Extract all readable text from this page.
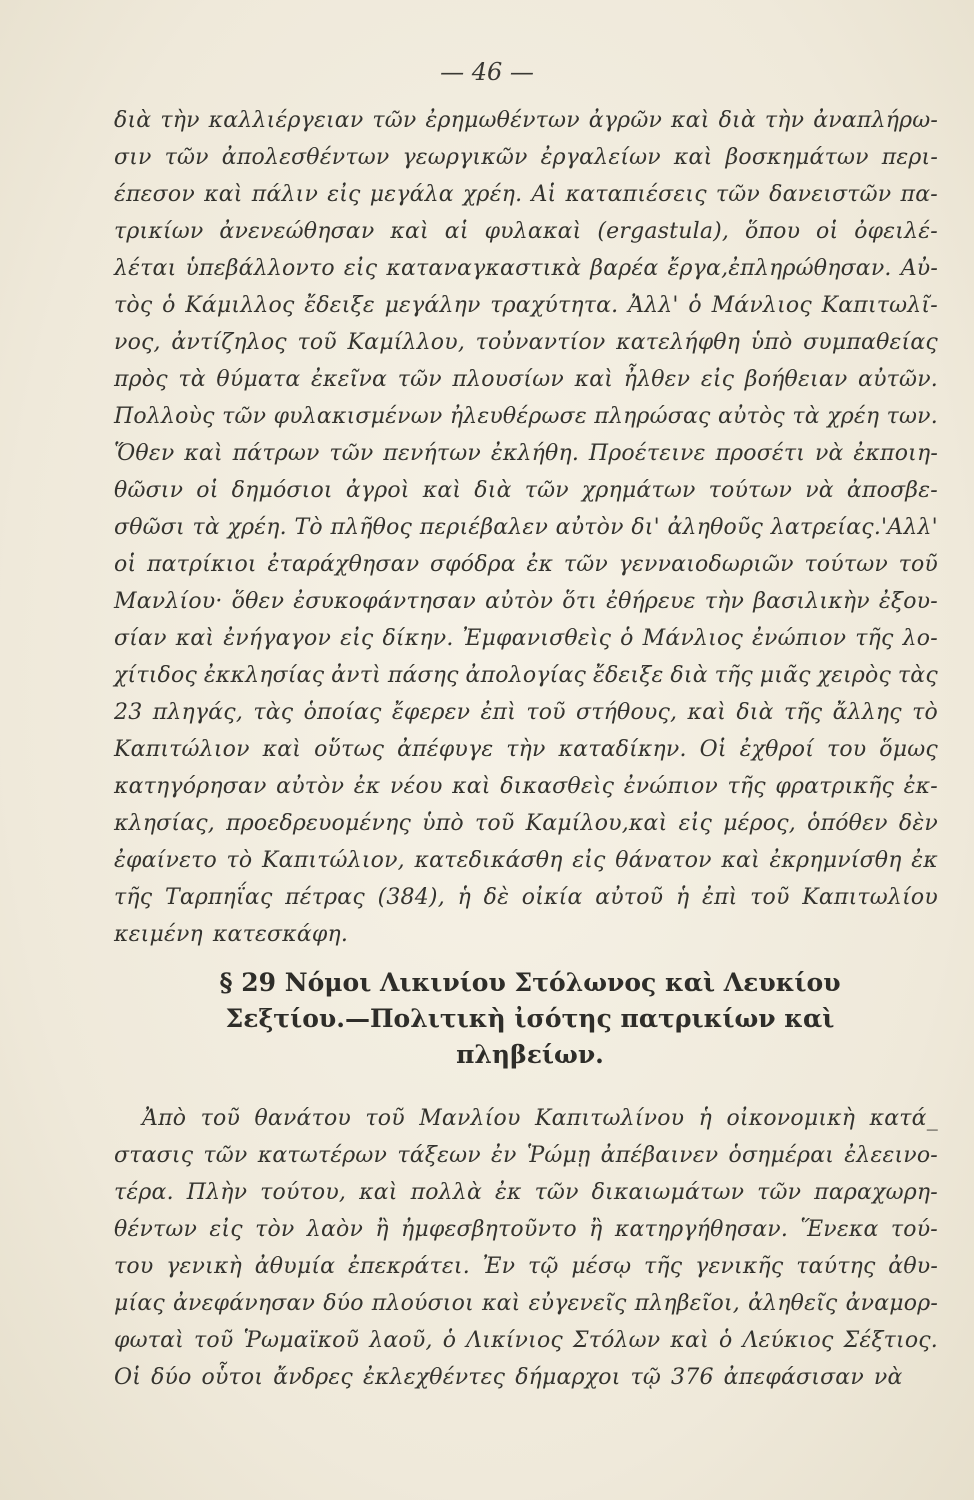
— 46 —
διὰ τὴν καλλιέργειαν τῶν ἐρημωθέντων ἀγρῶν καὶ διὰ τὴν ἀναπλήρω-
σιν τῶν ἀπολεσθέντων γεωργικῶν ἐργαλείων καὶ βοσκημάτων περι-
έπεσον καὶ πάλιν εἰς μεγάλα χρέη. Αἱ καταπιέσεις τῶν δανειστῶν πα-
τρικίων ἀνενεώθησαν καὶ αἱ φυλακαὶ (ergastula), ὅπου οἱ ὀφειλέ-
λέται ὑπεβάλλοντο εἰς καταναγκαστικὰ βαρέα ἔργα,ἐπληρώθησαν. Αὐ-
τὸς ὁ Κάμιλλος ἔδειξε μεγάλην τραχύτητα. Ἀλλ' ὁ Μάνλιος Καπιτωλῖ-
νος, ἀντίζηλος τοῦ Καμίλλου, τοὐναντίον κατελήφθη ὑπὸ συμπαθείας
πρὸς τὰ θύματα ἐκεῖνα τῶν πλουσίων καὶ ἦλθεν εἰς βοήθειαν αὐτῶν.
Πολλοὺς τῶν φυλακισμένων ἠλευθέρωσε πληρώσας αὐτὸς τὰ χρέη των.
Ὅθεν καὶ πάτρων τῶν πενήτων ἐκλήθη. Προέτεινε προσέτι νὰ ἐκποιη-
θῶσιν οἱ δημόσιοι ἀγροὶ καὶ διὰ τῶν χρημάτων τούτων νὰ ἀποσβε-
σθῶσι τὰ χρέη. Τὸ πλῆθος περιέβαλεν αὐτὸν δι' ἀληθοῦς λατρείας.'Αλλ'
οἱ πατρίκιοι ἐταράχθησαν σφόδρα ἐκ τῶν γενναιοδωριῶν τούτων τοῦ
Μανλίου· ὅθεν ἐσυκοφάντησαν αὐτὸν ὅτι ἐθήρευε τὴν βασιλικὴν ἐξου-
σίαν καὶ ἐνήγαγον εἰς δίκην. Ἐμφανισθεὶς ὁ Μάνλιος ἐνώπιον τῆς λο-
χίτιδος ἐκκλησίας ἀντὶ πάσης ἀπολογίας ἔδειξε διὰ τῆς μιᾶς χειρὸς τὰς
23 πληγάς, τὰς ὁποίας ἔφερεν ἐπὶ τοῦ στήθους, καὶ διὰ τῆς ἄλλης τὸ
Καπιτώλιον καὶ οὕτως ἀπέφυγε τὴν καταδίκην. Οἱ ἐχθροί του ὅμως
κατηγόρησαν αὐτὸν ἐκ νέου καὶ δικασθεὶς ἐνώπιον τῆς φρατρικῆς ἐκ-
κλησίας, προεδρευομένης ὑπὸ τοῦ Καμίλου,καὶ εἰς μέρος, ὁπόθεν δὲν
ἐφαίνετο τὸ Καπιτώλιον, κατεδικάσθη εἰς θάνατον καὶ ἐκρημνίσθη ἐκ
τῆς Ταρπηΐας πέτρας (384), ἡ δὲ οἰκία αὐτοῦ ἡ ἐπὶ τοῦ Καπιτωλίου
κειμένη κατεσκάφη.
§ 29 Νόμοι Λικινίου Στόλωνος καὶ Λευκίου
Σεξτίου.—Πολιτικὴ ἰσότης πατρικίων καὶ
πληβείων.
Ἀπὸ τοῦ θανάτου τοῦ Μανλίου Καπιτωλίνου ἡ οἰκονομικὴ κατά_
στασις τῶν κατωτέρων τάξεων ἐν Ῥώμῃ ἀπέβαινεν ὁσημέραι ἐλεεινο-
τέρα. Πλὴν τούτου, καὶ πολλὰ ἐκ τῶν δικαιωμάτων τῶν παραχωρη-
θέντων εἰς τὸν λαὸν ἢ ἠμφεσβητοῦντο ἢ κατηργήθησαν. Ἕνεκα τού-
του γενικὴ ἀθυμία ἐπεκράτει. Ἐν τῷ μέσῳ τῆς γενικῆς ταύτης ἀθυ-
μίας ἀνεφάνησαν δύο πλούσιοι καὶ εὐγενεῖς πληβεῖοι, ἀληθεῖς ἀναμορ-
φωταὶ τοῦ Ῥωμαϊκοῦ λαοῦ, ὁ Λικίνιος Στόλων καὶ ὁ Λεύκιος Σέξτιος.
Οἱ δύο οὗτοι ἄνδρες ἐκλεχθέντες δήμαρχοι τῷ 376 ἀπεφάσισαν νὰ
